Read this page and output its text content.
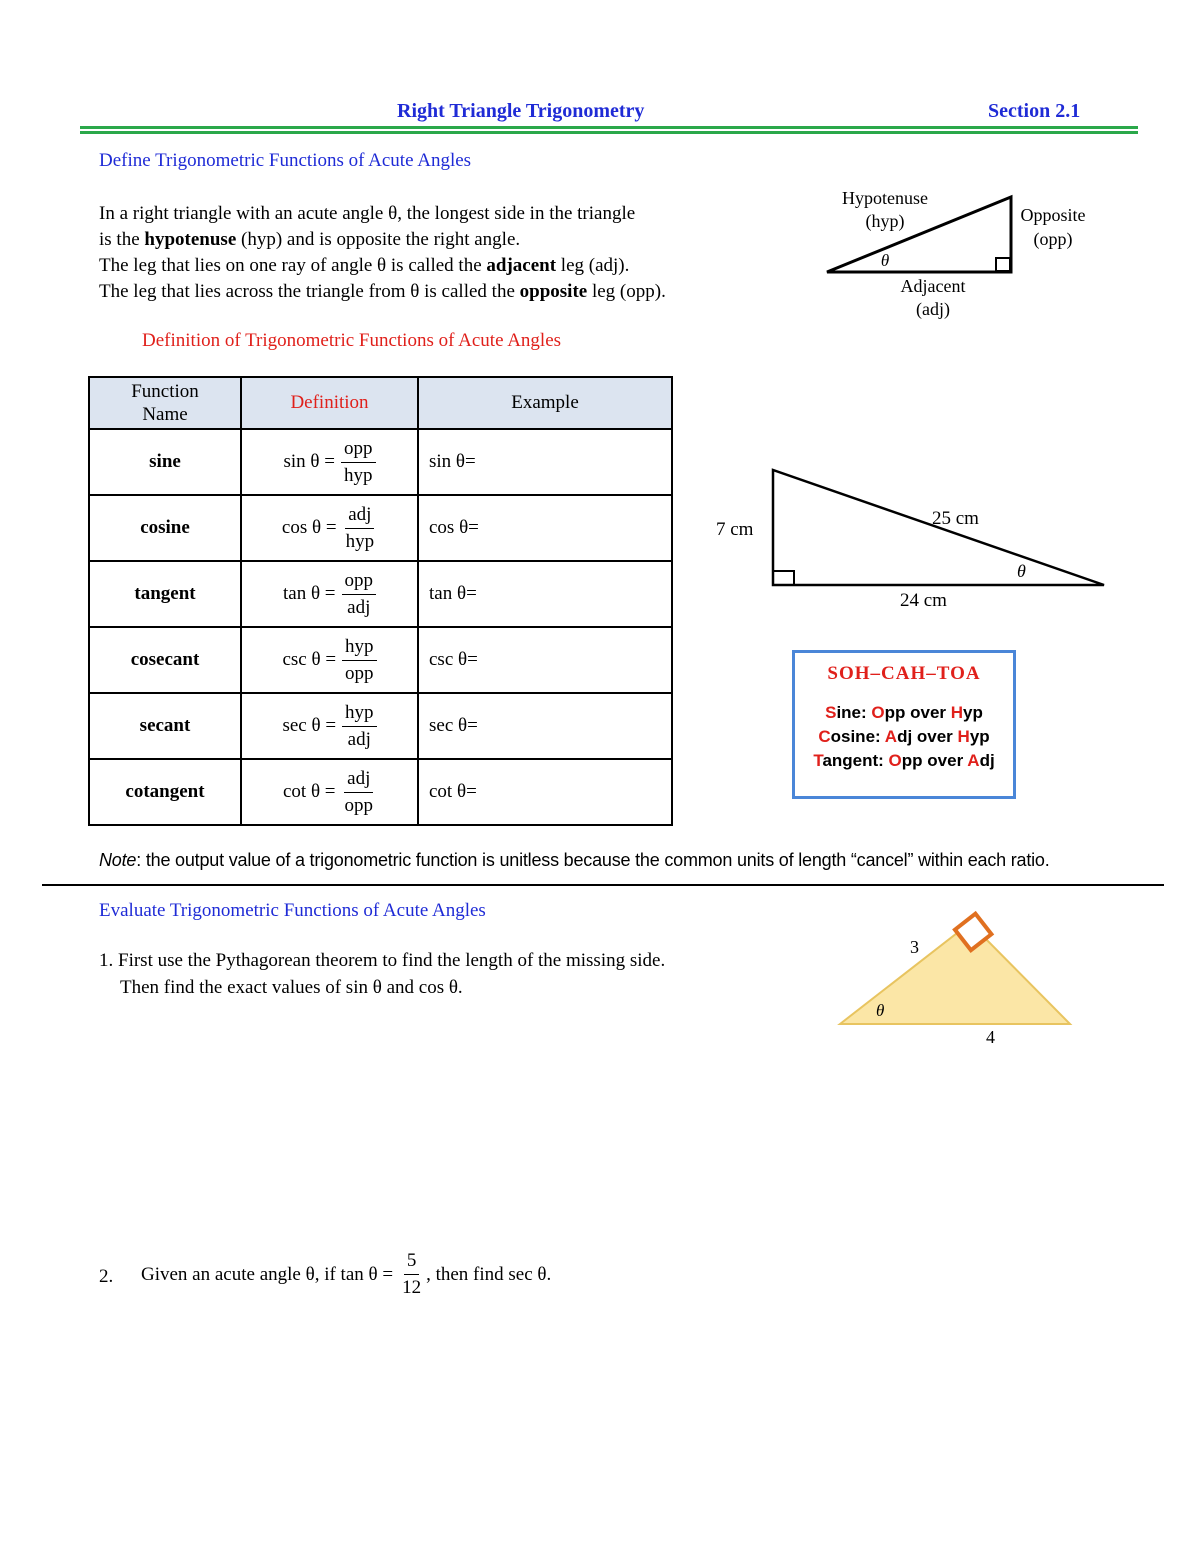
Right Triangle Trigonometry	Section 2.1
Define Trigonometric Functions of Acute Angles
In a right triangle with an acute angle θ, the longest side in the triangle
is the hypotenuse (hyp) and is opposite the right angle.
The leg that lies on one ray of angle θ is called the adjacent leg (adj).
The leg that lies across the triangle from θ is called the opposite leg (opp).
Hypotenuse
(hyp)	Opposite
(opp)
θ
Adjacent
(adj)
Definition of Trigonometric Functions of Acute Angles
Function
Name	Definition	Example
sine	$\sin \theta = \frac{\text{opp}}{\text{hyp}}$	sin θ=
cosine	$\cos \theta = \frac{\text{adj}}{\text{hyp}}$	cos θ=
tangent	$\tan \theta = \frac{\text{opp}}{\text{adj}}$	tan θ=
cosecant	$\csc \theta = \frac{\text{hyp}}{\text{opp}}$	csc θ=
secant	$\sec \theta = \frac{\text{hyp}}{\text{adj}}$	sec θ=
cotangent	$\cot \theta = \frac{\text{adj}}{\text{opp}}$	cot θ=
7 cm
25 cm
24 cm
θ
SOH–CAH–TOA
Sine: Opp over Hyp
Cosine: Adj over Hyp
Tangent: Opp over Adj
Note: the output value of a trigonometric function is unitless because the common units of length “cancel” within each ratio.
Evaluate Trigonometric Functions of Acute Angles
1. First use the Pythagorean theorem to find the length of the missing side.
Then find the exact values of sin θ and cos θ.
3
θ
4
2. Given an acute angle θ, if $\tan \theta = \frac{5}{12}$ , then find sec θ.
